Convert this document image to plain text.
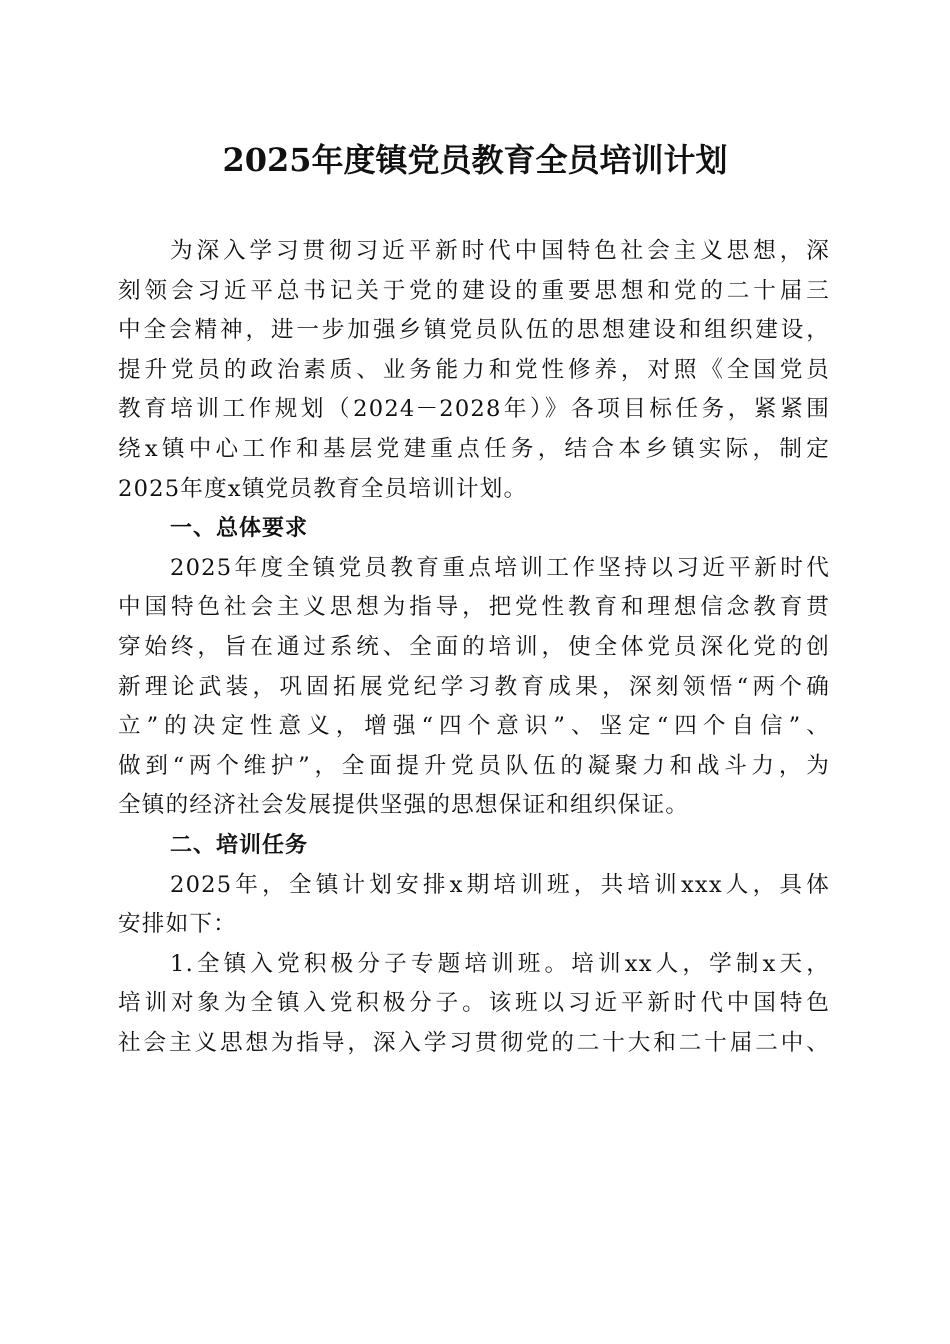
2025年度镇党员教育全员培训计划
为深入学习贯彻习近平新时代中国特色社会主义思想，深
刻领会习近平总书记关于党的建设的重要思想和党的二十届三
中全会精神，进一步加强乡镇党员队伍的思想建设和组织建设，
提升党员的政治素质、业务能力和党性修养，对照《全国党员
教育培训工作规划（2024－2028年）》各项目标任务，紧紧围
绕x镇中心工作和基层党建重点任务，结合本乡镇实际，制定
2025年度x镇党员教育全员培训计划。
一、总体要求
2025年度全镇党员教育重点培训工作坚持以习近平新时代
中国特色社会主义思想为指导，把党性教育和理想信念教育贯
穿始终，旨在通过系统、全面的培训，使全体党员深化党的创
新理论武装，巩固拓展党纪学习教育成果，深刻领悟“两个确
立”的决定性意义，增强“四个意识”、坚定“四个自信”、
做到“两个维护”，全面提升党员队伍的凝聚力和战斗力，为
全镇的经济社会发展提供坚强的思想保证和组织保证。
二、培训任务
2025年，全镇计划安排x期培训班，共培训xxx人，具体
安排如下：
1.全镇入党积极分子专题培训班。培训xx人，学制x天，
培训对象为全镇入党积极分子。该班以习近平新时代中国特色
社会主义思想为指导，深入学习贯彻党的二十大和二十届二中、
